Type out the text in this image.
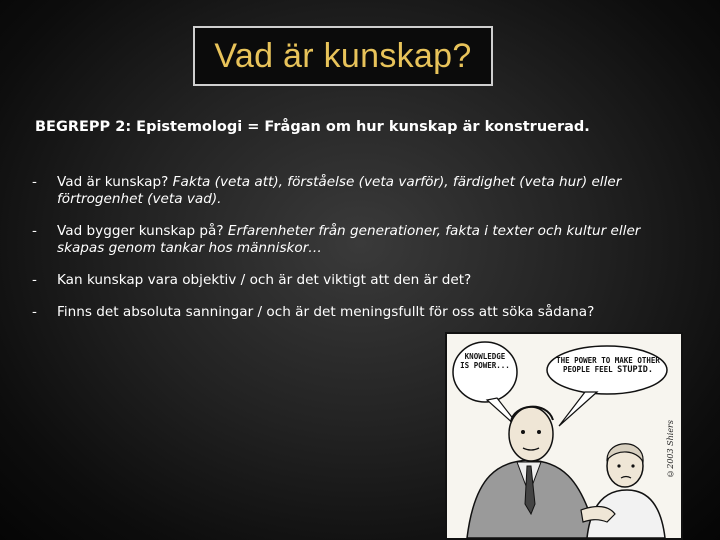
Vad är kunskap?
BEGREPP 2: Epistemologi = Frågan om hur kunskap är konstruerad.
- Vad är kunskap? Fakta (veta att), förståelse (veta varför), färdighet (veta hur) eller förtrogenhet (veta vad).
- Vad bygger kunskap på? Erfarenheter från generationer, fakta i texter och kultur eller skapas genom tankar hos människor…
- Kan kunskap vara objektiv / och är det viktigt att den är det?
- Finns det absoluta sanningar / och är det meningsfullt för oss att söka sådana?
KNOWLEDGE IS POWER...
THE POWER TO MAKE OTHER PEOPLE FEEL STUPID.
©2003 Shiers
